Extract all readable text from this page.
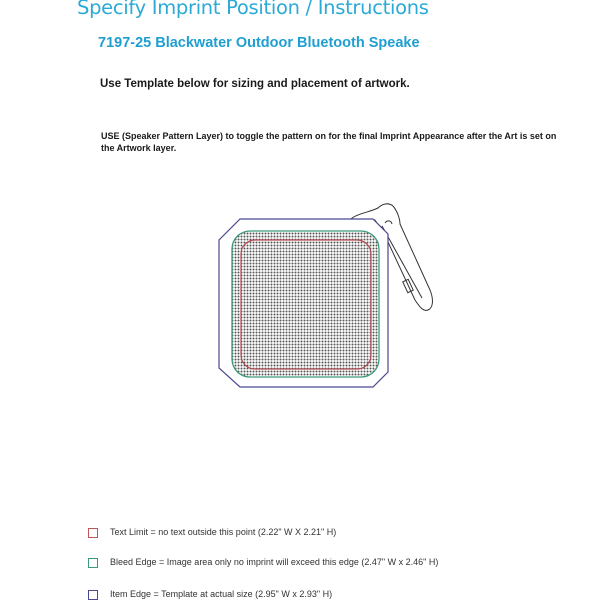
Specify Imprint Position / Instructions
7197-25 Blackwater Outdoor Bluetooth Speake
Use Template below for sizing and placement of artwork.
USE (Speaker Pattern Layer) to toggle the pattern on for the final Imprint Appearance after the Art is set on the Artwork layer.
Text Limit = no text outside this point (2.22" W X 2.21" H)
Bleed Edge = Image area only no imprint will exceed this edge (2.47" W x 2.46" H)
Item Edge = Template at actual size (2.95" W x 2.93" H)
